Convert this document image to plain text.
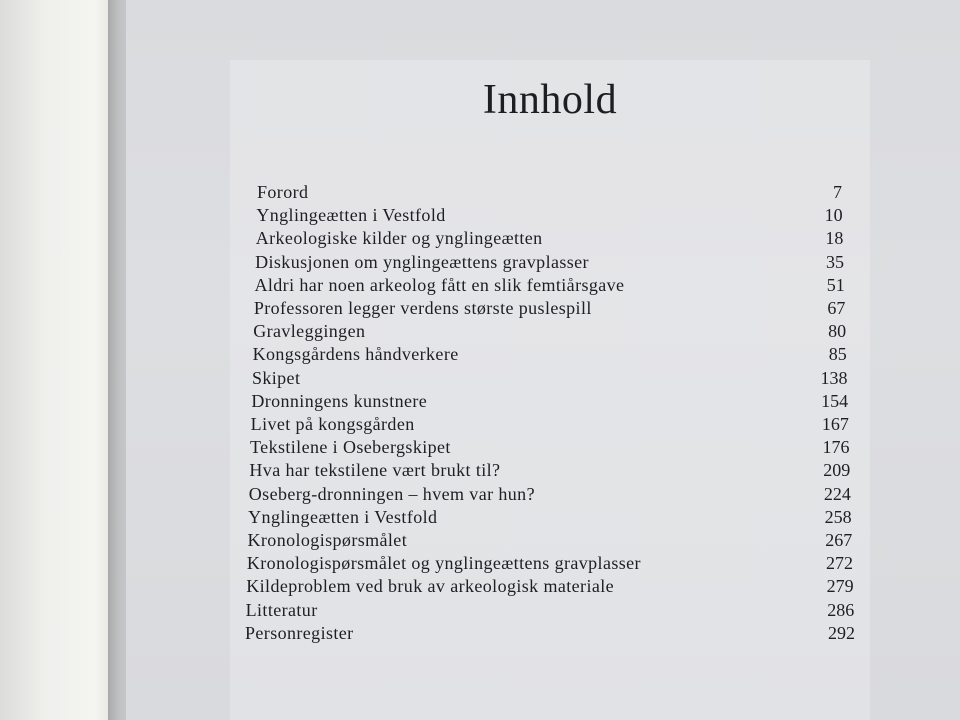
Innhold
Forord	7
Ynglingeætten i Vestfold	10
Arkeologiske kilder og ynglingeætten	18
Diskusjonen om ynglingeættens gravplasser	35
Aldri har noen arkeolog fått en slik femtiårsgave	51
Professoren legger verdens største puslespill	67
Gravleggingen	80
Kongsgårdens håndverkere	85
Skipet	138
Dronningens kunstnere	154
Livet på kongsgården	167
Tekstilene i Osebergskipet	176
Hva har tekstilene vært brukt til?	209
Oseberg-dronningen – hvem var hun?	224
Ynglingeætten i Vestfold	258
Kronologispørsmålet	267
Kronologispørsmålet og ynglingeættens gravplasser	272
Kildeproblem ved bruk av arkeologisk materiale	279
Litteratur	286
Personregister	292
